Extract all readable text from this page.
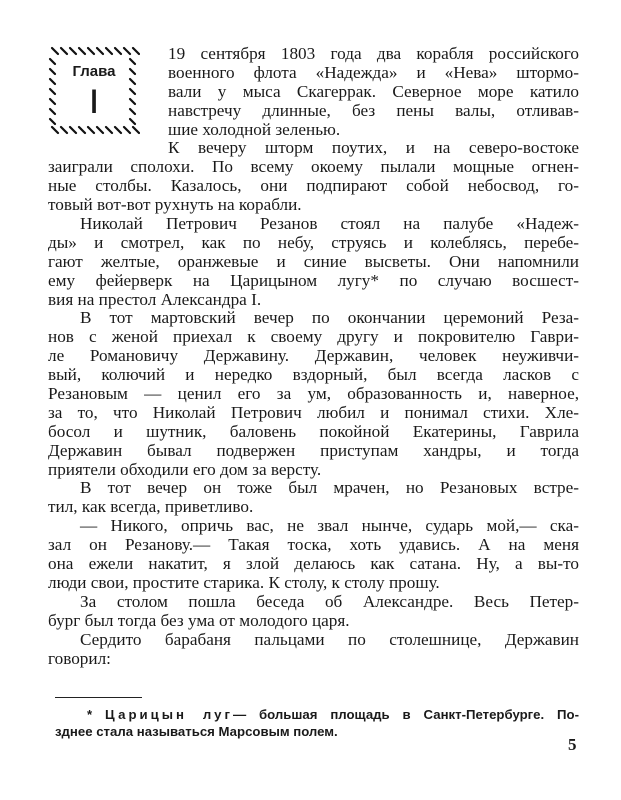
Глава
I
19 сентября 1803 года два корабля российского
военного флота «Надежда» и «Нева» штормо-
вали у мыса Скагеррак. Северное море катило
навстречу длинные, без пены валы, отливав-
шие холодной зеленью.
К вечеру шторм поутих, и на северо-востоке
заиграли сполохи. По всему окоему пылали мощные огнен-
ные столбы. Казалось, они подпирают собой небосвод, го-
товый вот-вот рухнуть на корабли.
Николай Петрович Резанов стоял на палубе «Надеж-
ды» и смотрел, как по небу, струясь и колеблясь, перебе-
гают желтые, оранжевые и синие высветы. Они напомнили
ему фейерверк на Царицыном лугу* по случаю восшест-
вия на престол Александра I.
В тот мартовский вечер по окончании церемоний Реза-
нов с женой приехал к своему другу и покровителю Гаври-
ле Романовичу Державину. Державин, человек неуживчи-
вый, колючий и нередко вздорный, был всегда ласков с
Резановым — ценил его за ум, образованность и, наверное,
за то, что Николай Петрович любил и понимал стихи. Хле-
босол и шутник, баловень покойной Екатерины, Гаврила
Державин бывал подвержен приступам хандры, и тогда
приятели обходили его дом за версту.
В тот вечер он тоже был мрачен, но Резановых встре-
тил, как всегда, приветливо.
— Никого, опричь вас, не звал нынче, сударь мой,— ска-
зал он Резанову.— Такая тоска, хоть удавись. А на меня
она ежели накатит, я злой делаюсь как сатана. Ну, а вы-то
люди свои, простите старика. К столу, к столу прошу.
За столом пошла беседа об Александре. Весь Петер-
бург был тогда без ума от молодого царя.
Сердито барабаня пальцами по столешнице, Державин
говорил:
* Царицын луг— большая площадь в Санкт-Петербурге. По-
зднее стала называться Марсовым полем.
5
